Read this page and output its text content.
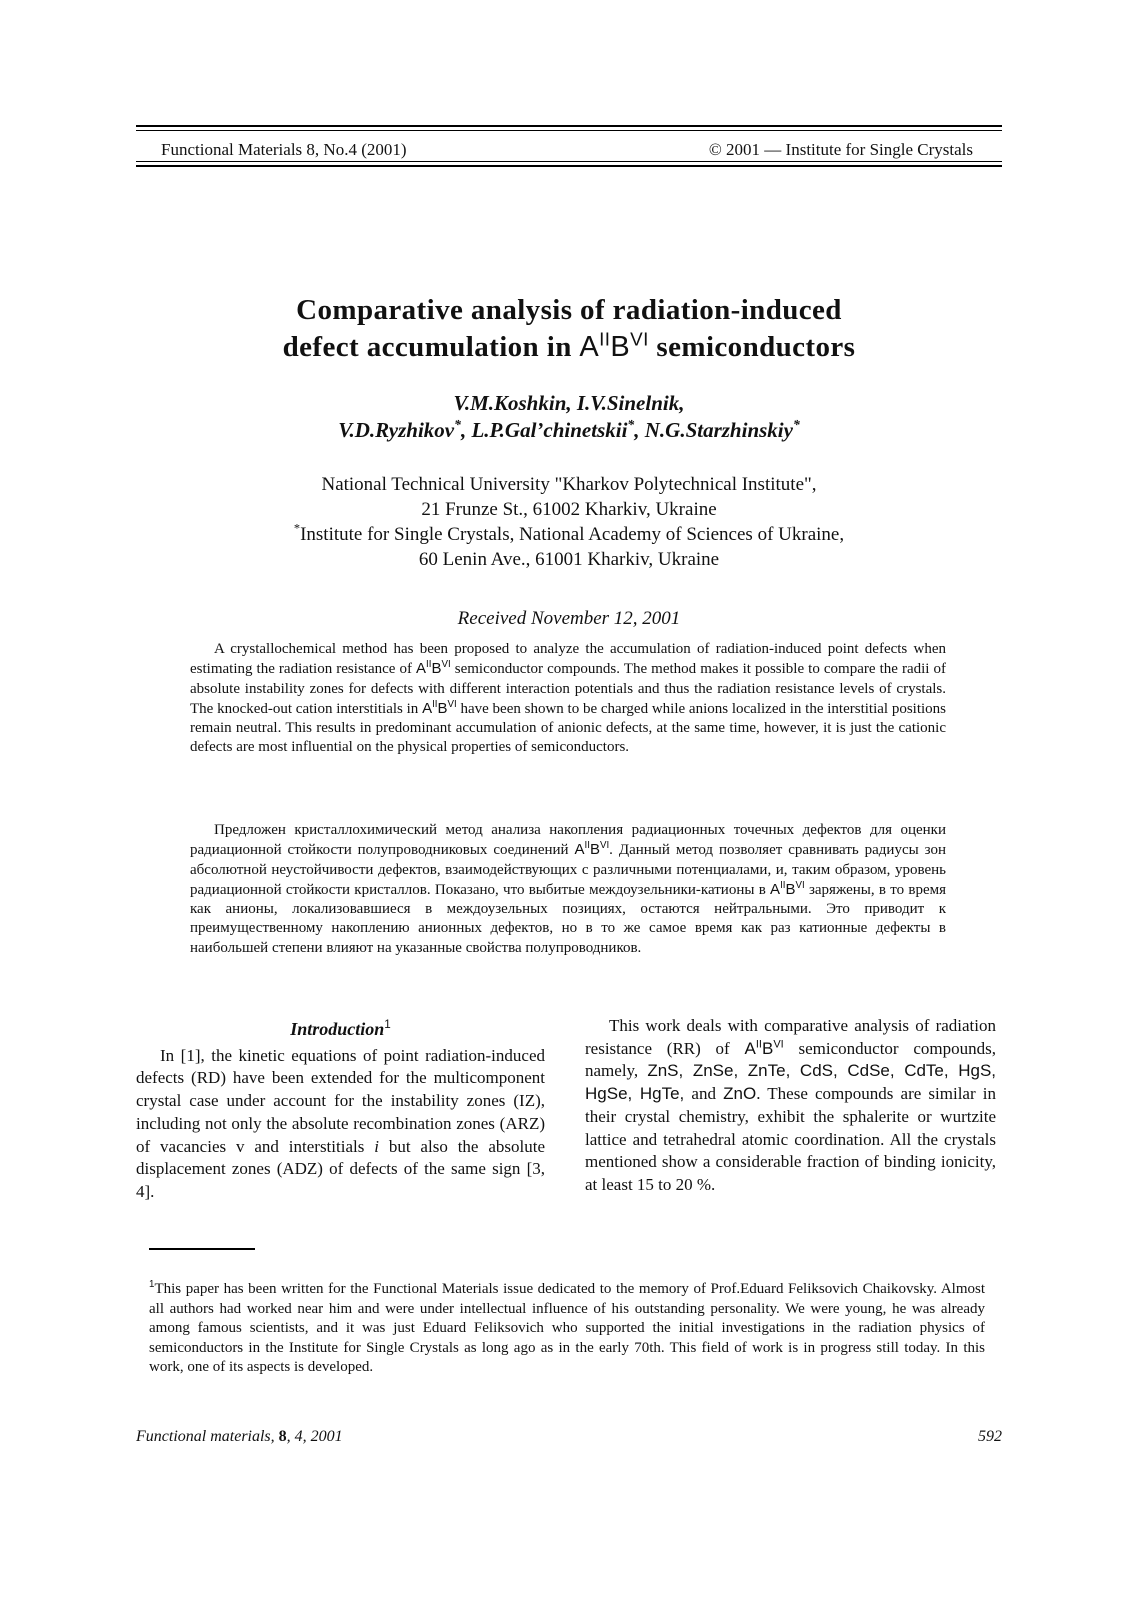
Functional Materials 8, No.4 (2001)	© 2001 — Institute for Single Crystals
Comparative analysis of radiation-induced
defect accumulation in $A^{II}B^{VI}$ semiconductors
V.M.Koshkin, I.V.Sinelnik,
V.D.Ryzhikov*, L.P.Gal’chinetskii*, N.G.Starzhinskiy*
National Technical University "Kharkov Polytechnical Institute",
21 Frunze St., 61002 Kharkiv, Ukraine
*Institute for Single Crystals, National Academy of Sciences of Ukraine,
60 Lenin Ave., 61001 Kharkiv, Ukraine
Received November 12, 2001
A crystallochemical method has been proposed to analyze the accumulation of radiation-induced point defects when estimating the radiation resistance of $A^{II}B^{VI}$ semiconductor compounds. The method makes it possible to compare the radii of absolute instability zones for defects with different interaction potentials and thus the radiation resistance levels of crystals. The knocked-out cation interstitials in $A^{II}B^{VI}$ have been shown to be charged while anions localized in the interstitial positions remain neutral. This results in predominant accumulation of anionic defects, at the same time, however, it is just the cationic defects are most influential on the physical properties of semiconductors.
Предложен кристаллохимический метод анализа накопления радиационных точечных дефектов для оценки радиационной стойкости полупроводниковых соединений $A^{II}B^{VI}$. Данный метод позволяет сравнивать радиусы зон абсолютной неустойчивости дефектов, взаимодействующих с различными потенциалами, и, таким образом, уровень радиационной стойкости кристаллов. Показано, что выбитые междоузельники-катионы в $A^{II}B^{VI}$ заряжены, в то время как анионы, локализовавшиеся в междоузельных позициях, остаются нейтральными. Это приводит к преимущественному накоплению анионных дефектов, но в то же самое время как раз катионные дефекты в наибольшей степени влияют на указанные свойства полупроводников.
Introduction$^1$
In [1], the kinetic equations of point radiation-induced defects (RD) have been extended for the multicomponent crystal case under account for the instability zones (IZ), including not only the absolute recombination zones (ARZ) of vacancies v and interstitials i but also the absolute displacement zones (ADZ) of defects of the same sign [3, 4].
This work deals with comparative analysis of radiation resistance (RR) of $A^{II}B^{VI}$ semiconductor compounds, namely, ZnS, ZnSe, ZnTe, CdS, CdSe, CdTe, HgS, HgSe, HgTe, and ZnO. These compounds are similar in their crystal chemistry, exhibit the sphalerite or wurtzite lattice and tetrahedral atomic coordination. All the crystals mentioned show a considerable fraction of binding ionicity, at least 15 to 20 %.
$^1$This paper has been written for the Functional Materials issue dedicated to the memory of Prof.Eduard Feliksovich Chaikovsky. Almost all authors had worked near him and were under intellectual influence of his outstanding personality. We were young, he was already among famous scientists, and it was just Eduard Feliksovich who supported the initial investigations in the radiation physics of semiconductors in the Institute for Single Crystals as long ago as in the early 70th. This field of work is in progress still today. In this work, one of its aspects is developed.
Functional materials, 8, 4, 2001	592
